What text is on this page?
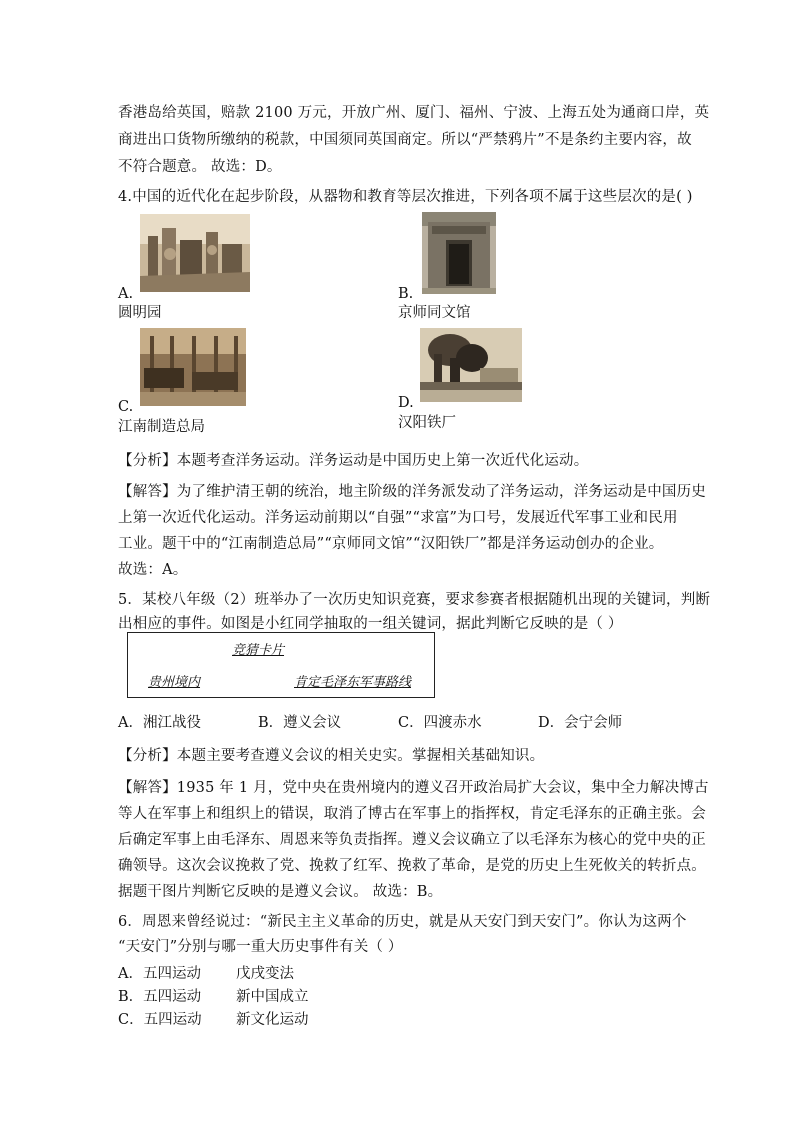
香港岛给英国，赔款 2100 万元，开放广州、厦门、福州、宁波、上海五处为通商口岸，英
商进出口货物所缴纳的税款，中国须同英国商定。所以“严禁鸦片”不是条约主要内容，故
不符合题意。 故选：D。
4.中国的近代化在起步阶段，从器物和教育等层次推进，下列各项不属于这些层次的是( )
A.
圆明园
B.
京师同文馆
C.
江南制造总局
D.
汉阳铁厂
【分析】本题考查洋务运动。洋务运动是中国历史上第一次近代化运动。
【解答】为了维护清王朝的统治，地主阶级的洋务派发动了洋务运动，洋务运动是中国历史
上第一次近代化运动。洋务运动前期以“自强”“求富”为口号，发展近代军事工业和民用
工业。题干中的“江南制造总局”“京师同文馆”“汉阳铁厂”都是洋务运动创办的企业。
故选：A。
5．某校八年级（2）班举办了一次历史知识竞赛，要求参赛者根据随机出现的关键词，判断
出相应的事件。如图是小红同学抽取的一组关键词，据此判断它反映的是（ ）
竞猜卡片
贵州境内	肯定毛泽东军事路线
A．湘江战役	B．遵义会议	C．四渡赤水	D．会宁会师
【分析】本题主要考查遵义会议的相关史实。掌握相关基础知识。
【解答】1935 年 1 月，党中央在贵州境内的遵义召开政治局扩大会议，集中全力解决博古
等人在军事上和组织上的错误，取消了博古在军事上的指挥权，肯定毛泽东的正确主张。会
后确定军事上由毛泽东、周恩来等负责指挥。遵义会议确立了以毛泽东为核心的党中央的正
确领导。这次会议挽救了党、挽救了红军、挽救了革命，是党的历史上生死攸关的转折点。
据题干图片判断它反映的是遵义会议。 故选：B。
6．周恩来曾经说过：“新民主主义革命的历史，就是从天安门到天安门”。你认为这两个
“天安门”分别与哪一重大历史事件有关（ ）
A．五四运动 戊戌变法
B．五四运动 新中国成立
C．五四运动 新文化运动
